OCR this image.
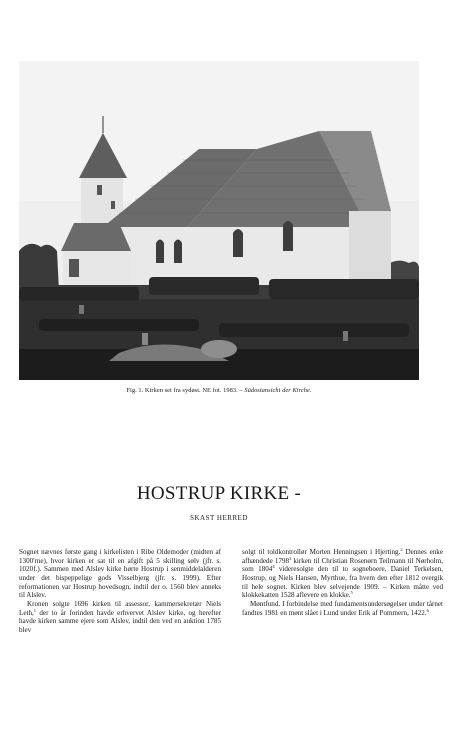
Fig. 1. Kirken set fra sydøst. NE fot. 1983. – Südostansicht der Kirche.
HOSTRUP KIRKE -
SKAST HERRED

Sognet nævnes første gang i kirkelisten i Ribe Oldemoder (midten af 1300'rne), hvor kirken er sat til en afgift på 5 skilling sølv (jfr. s. 1020f.). Sammen med Alslev kirke hørte Hostrup i senmiddelalderen under det bispeppelige gods Visselbjerg (jfr. s. 1999). Efter reformationen var Hostrup hovedsogn, indtil der o. 1560 blev anneks til Alslev.

Kronen solgte 1696 kirken til assessor, kammersekretær Niels Leth,$^1$ der to år forinden havde erhvervet Alslev kirke, og herefter havde kirken samme ejere som Alslev, indtil den ved en auktion 1785 blev

solgt til toldkontrollør Morten Henningsen i Hjerting.$^2$ Dennes enke afhændede 1798$^3$ kirken til Christian Rosenørn Teilmann til Nørholm, som 1804$^4$ videresolgte den til to sogneboere, Daniel Terkelsen, Hostrup, og Niels Hansen, Myrthue, fra hvem den efter 1812 overgik til hele sognet. Kirken blev selvejende 1909. – Kirken måtte ved klokkekatten 1528 aflevere en klokke.$^5$

Møntfund. I forbindelse med fundamentsundersøgelser under tårnet fandtes 1981 en mønt slået i Lund under Erik af Pommern, 1422.$^6$
